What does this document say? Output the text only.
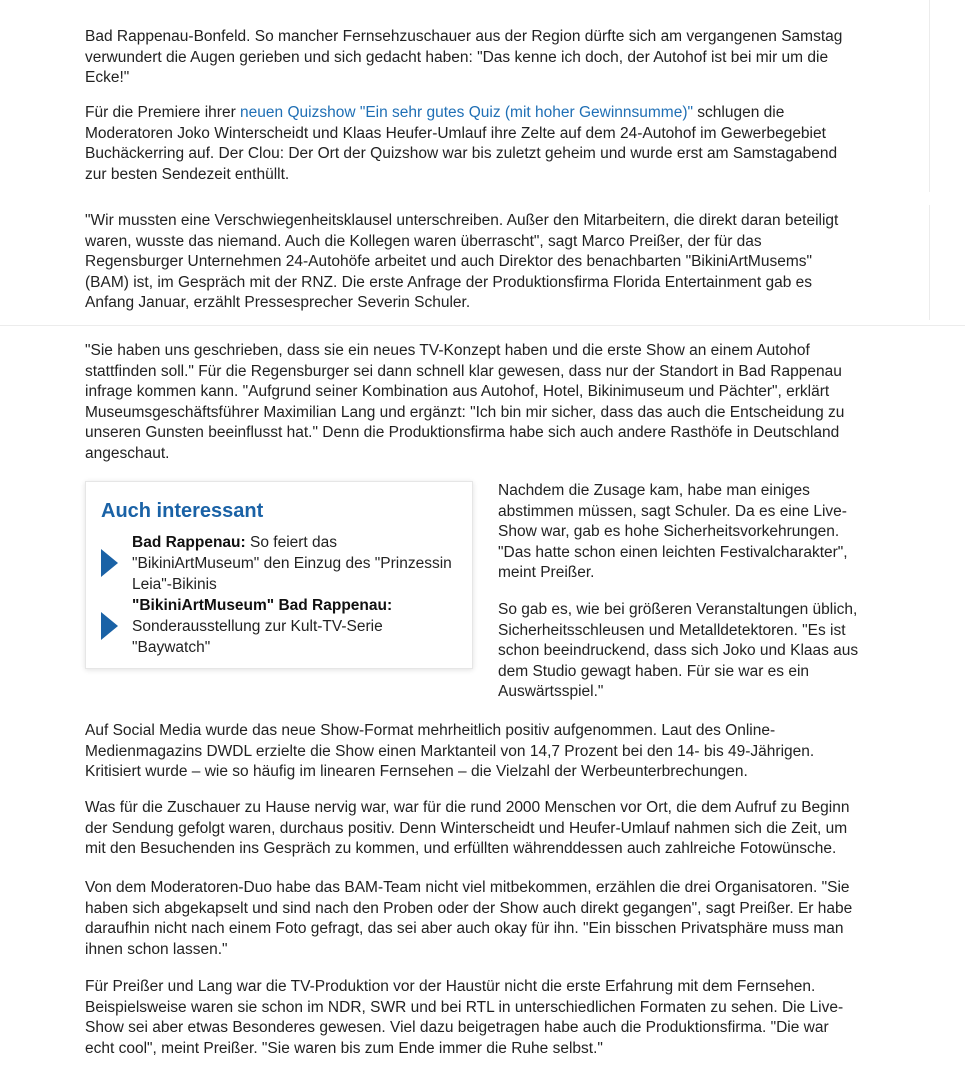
Bad Rappenau-Bonfeld. So mancher Fernsehzuschauer aus der Region dürfte sich am vergangenen Samstag verwundert die Augen gerieben und sich gedacht haben: "Das kenne ich doch, der Autohof ist bei mir um die Ecke!"

Für die Premiere ihrer neuen Quizshow "Ein sehr gutes Quiz (mit hoher Gewinnsumme)" schlugen die Moderatoren Joko Winterscheidt und Klaas Heufer-Umlauf ihre Zelte auf dem 24-Autohof im Gewerbegebiet Buchäckerring auf. Der Clou: Der Ort der Quizshow war bis zuletzt geheim und wurde erst am Samstagabend zur besten Sendezeit enthüllt.

"Wir mussten eine Verschwiegenheitsklausel unterschreiben. Außer den Mitarbeitern, die direkt daran beteiligt waren, wusste das niemand. Auch die Kollegen waren überrascht", sagt Marco Preißer, der für das Regensburger Unternehmen 24-Autohöfe arbeitet und auch Direktor des benachbarten "BikiniArtMusems" (BAM) ist, im Gespräch mit der RNZ. Die erste Anfrage der Produktionsfirma Florida Entertainment gab es Anfang Januar, erzählt Pressesprecher Severin Schuler.

"Sie haben uns geschrieben, dass sie ein neues TV-Konzept haben und die erste Show an einem Autohof stattfinden soll." Für die Regensburger sei dann schnell klar gewesen, dass nur der Standort in Bad Rappenau infrage kommen kann. "Aufgrund seiner Kombination aus Autohof, Hotel, Bikinimuseum und Pächter", erklärt Museumsgeschäftsführer Maximilian Lang und ergänzt: "Ich bin mir sicher, dass das auch die Entscheidung zu unseren Gunsten beeinflusst hat." Denn die Produktionsfirma habe sich auch andere Rasthöfe in Deutschland angeschaut.

Auch interessant
Bad Rappenau: So feiert das "BikiniArtMuseum" den Einzug des "Prinzessin Leia"-Bikinis
"BikiniArtMuseum" Bad Rappenau:
Sonderausstellung zur Kult-TV-Serie "Baywatch"

Nachdem die Zusage kam, habe man einiges abstimmen müssen, sagt Schuler. Da es eine Live-Show war, gab es hohe Sicherheitsvorkehrungen. "Das hatte schon einen leichten Festivalcharakter", meint Preißer.

So gab es, wie bei größeren Veranstaltungen üblich, Sicherheitsschleusen und Metalldetektoren. "Es ist schon beeindruckend, dass sich Joko und Klaas aus dem Studio gewagt haben. Für sie war es ein Auswärtsspiel."

Auf Social Media wurde das neue Show-Format mehrheitlich positiv aufgenommen. Laut des Online-Medienmagazins DWDL erzielte die Show einen Marktanteil von 14,7 Prozent bei den 14- bis 49-Jährigen. Kritisiert wurde – wie so häufig im linearen Fernsehen – die Vielzahl der Werbeunterbrechungen.

Was für die Zuschauer zu Hause nervig war, war für die rund 2000 Menschen vor Ort, die dem Aufruf zu Beginn der Sendung gefolgt waren, durchaus positiv. Denn Winterscheidt und Heufer-Umlauf nahmen sich die Zeit, um mit den Besuchenden ins Gespräch zu kommen, und erfüllten währenddessen auch zahlreiche Fotowünsche.

Von dem Moderatoren-Duo habe das BAM-Team nicht viel mitbekommen, erzählen die drei Organisatoren. "Sie haben sich abgekapselt und sind nach den Proben oder der Show auch direkt gegangen", sagt Preißer. Er habe daraufhin nicht nach einem Foto gefragt, das sei aber auch okay für ihn. "Ein bisschen Privatsphäre muss man ihnen schon lassen."

Für Preißer und Lang war die TV-Produktion vor der Haustür nicht die erste Erfahrung mit dem Fernsehen. Beispielsweise waren sie schon im NDR, SWR und bei RTL in unterschiedlichen Formaten zu sehen. Die Live-Show sei aber etwas Besonderes gewesen. Viel dazu beigetragen habe auch die Produktionsfirma. "Die war echt cool", meint Preißer. "Sie waren bis zum Ende immer die Ruhe selbst."
